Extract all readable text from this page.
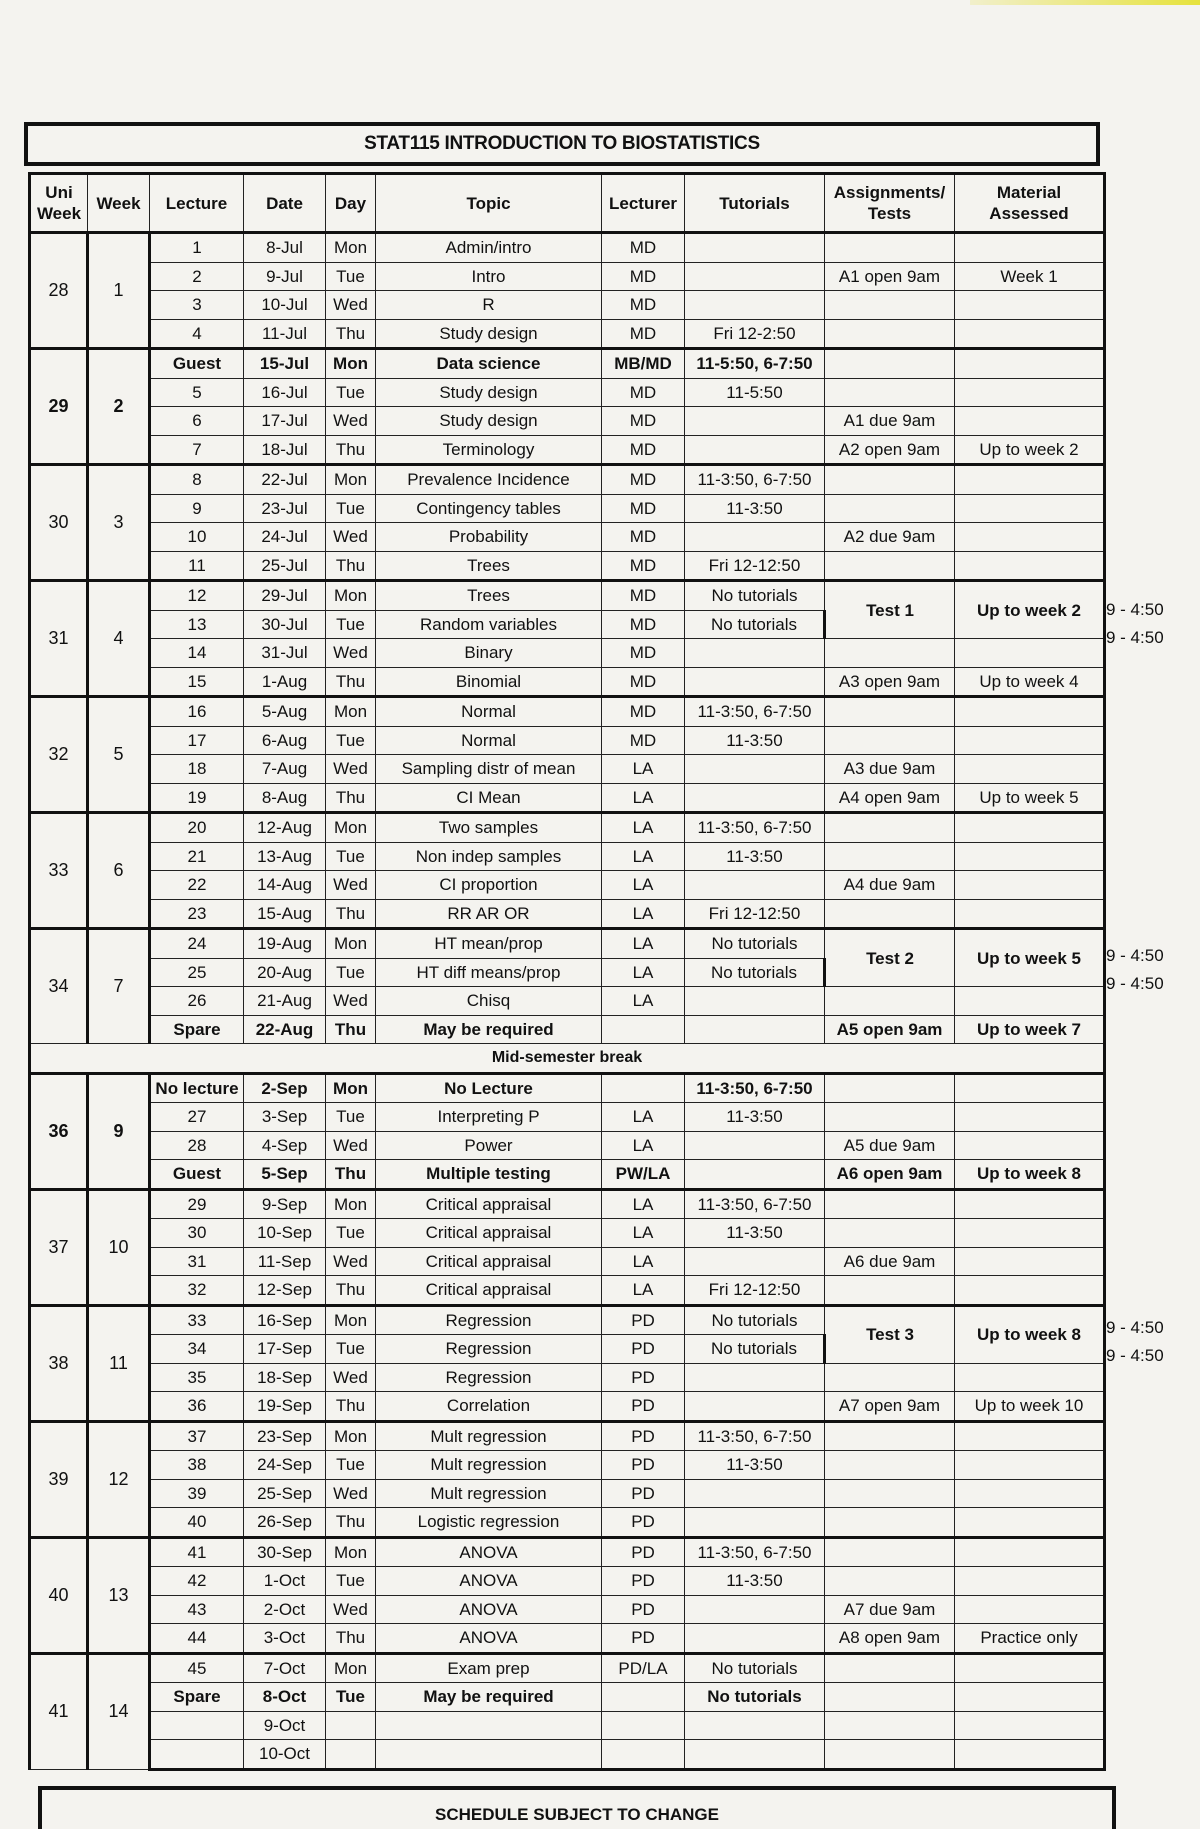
STAT115 INTRODUCTION TO BIOSTATISTICS
Uni Week	Week	Lecture	Date	Day	Topic	Lecturer	Tutorials	Assignments/ Tests	Material Assessed
28	1	1	8-Jul	Mon	Admin/intro	MD			
		2	9-Jul	Tue	Intro	MD		A1 open 9am	Week 1
		3	10-Jul	Wed	R	MD			
		4	11-Jul	Thu	Study design	MD	Fri 12-2:50		
29	2	Guest	15-Jul	Mon	Data science	MB/MD	11-5:50, 6-7:50		
		5	16-Jul	Tue	Study design	MD	11-5:50		
		6	17-Jul	Wed	Study design	MD		A1 due 9am	
		7	18-Jul	Thu	Terminology	MD		A2 open 9am	Up to week 2
30	3	8	22-Jul	Mon	Prevalence Incidence	MD	11-3:50, 6-7:50		
		9	23-Jul	Tue	Contingency tables	MD	11-3:50		
		10	24-Jul	Wed	Probability	MD		A2 due 9am	
		11	25-Jul	Thu	Trees	MD	Fri 12-12:50		
31	4	12	29-Jul	Mon	Trees	MD	No tutorials	Test 1	Up to week 2
		13	30-Jul	Tue	Random variables	MD	No tutorials		
		14	31-Jul	Wed	Binary	MD			
		15	1-Aug	Thu	Binomial	MD		A3 open 9am	Up to week 4
32	5	16	5-Aug	Mon	Normal	MD	11-3:50, 6-7:50		
		17	6-Aug	Tue	Normal	MD	11-3:50		
		18	7-Aug	Wed	Sampling distr of mean	LA		A3 due 9am	
		19	8-Aug	Thu	CI Mean	LA		A4 open 9am	Up to week 5
33	6	20	12-Aug	Mon	Two samples	LA	11-3:50, 6-7:50		
		21	13-Aug	Tue	Non indep samples	LA	11-3:50		
		22	14-Aug	Wed	CI proportion	LA		A4 due 9am	
		23	15-Aug	Thu	RR AR OR	LA	Fri 12-12:50		
34	7	24	19-Aug	Mon	HT mean/prop	LA	No tutorials	Test 2	Up to week 5
		25	20-Aug	Tue	HT diff means/prop	LA	No tutorials		
		26	21-Aug	Wed	Chisq	LA			
		Spare	22-Aug	Thu	May be required			A5 open 9am	Up to week 7
Mid-semester break									
36	9	No lecture	2-Sep	Mon	No Lecture		11-3:50, 6-7:50		
		27	3-Sep	Tue	Interpreting P	LA	11-3:50		
		28	4-Sep	Wed	Power	LA		A5 due 9am	
		Guest	5-Sep	Thu	Multiple testing	PW/LA		A6 open 9am	Up to week 8
37	10	29	9-Sep	Mon	Critical appraisal	LA	11-3:50, 6-7:50		
		30	10-Sep	Tue	Critical appraisal	LA	11-3:50		
		31	11-Sep	Wed	Critical appraisal	LA		A6 due 9am	
		32	12-Sep	Thu	Critical appraisal	LA	Fri 12-12:50		
38	11	33	16-Sep	Mon	Regression	PD	No tutorials	Test 3	Up to week 8
		34	17-Sep	Tue	Regression	PD	No tutorials		
		35	18-Sep	Wed	Regression	PD			
		36	19-Sep	Thu	Correlation	PD		A7 open 9am	Up to week 10
39	12	37	23-Sep	Mon	Mult regression	PD	11-3:50, 6-7:50		
		38	24-Sep	Tue	Mult regression	PD	11-3:50		
		39	25-Sep	Wed	Mult regression	PD			
		40	26-Sep	Thu	Logistic regression	PD			
40	13	41	30-Sep	Mon	ANOVA	PD	11-3:50, 6-7:50		
		42	1-Oct	Tue	ANOVA	PD	11-3:50		
		43	2-Oct	Wed	ANOVA	PD		A7 due 9am	
		44	3-Oct	Thu	ANOVA	PD		A8 open 9am	Practice only
41	14	45	7-Oct	Mon	Exam prep	PD/LA	No tutorials		
		Spare	8-Oct	Tue	May be required		No tutorials		
			9-Oct						
			10-Oct						
9 - 4:50
9 - 4:50
9 - 4:50
9 - 4:50
9 - 4:50
9 - 4:50
SCHEDULE SUBJECT TO CHANGE
